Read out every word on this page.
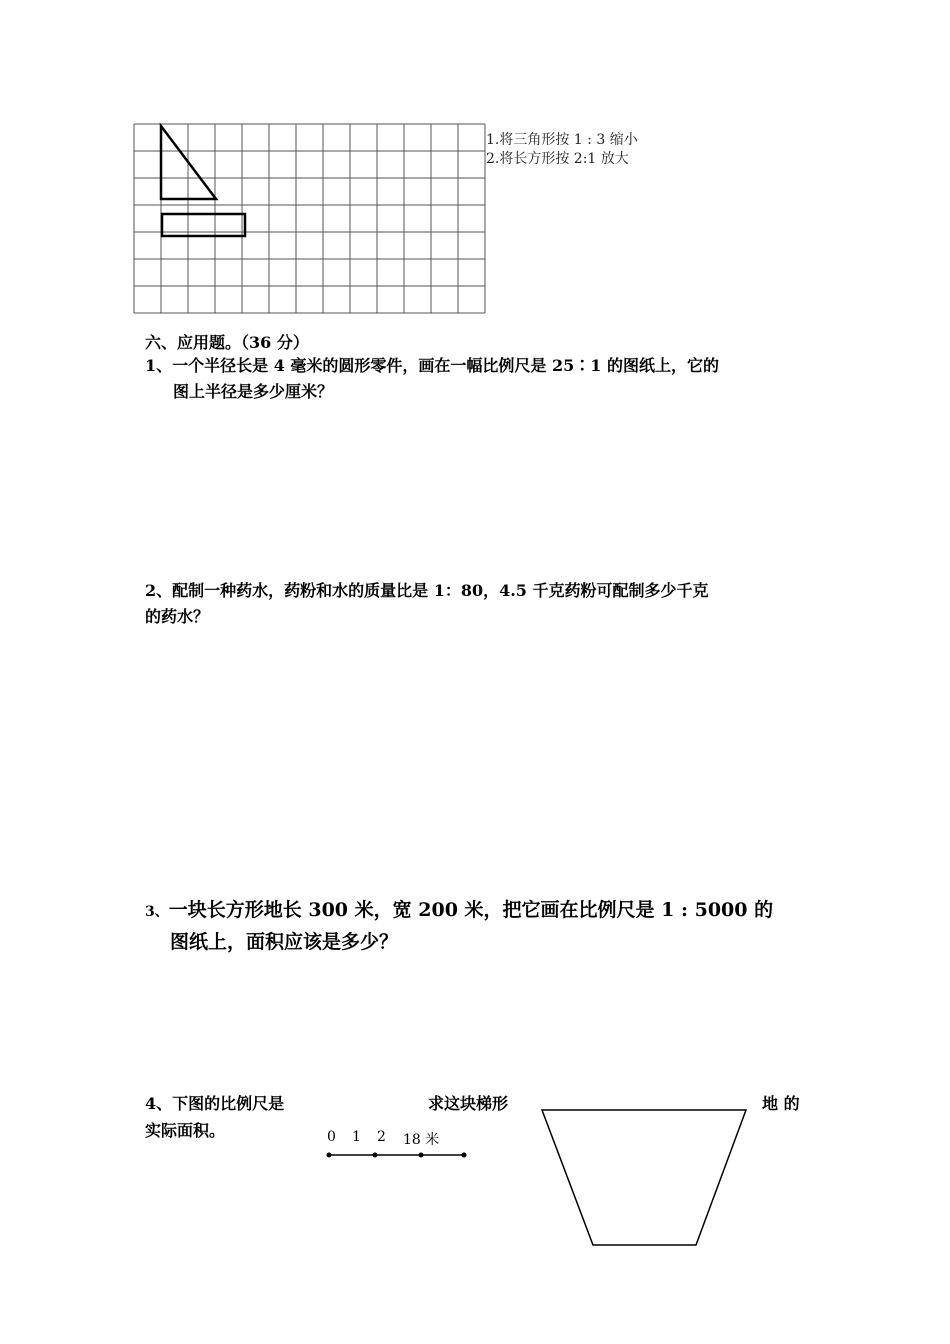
1.将三角形按 1 : 3 缩小
2.将长方形按 2:1 放大
六、应用题。（36 分）
1、一个半径长是 4 毫米的圆形零件，画在一幅比例尺是 25∶1 的图纸上，它的
图上半径是多少厘米？
2、配制一种药水，药粉和水的质量比是 1：80，4.5 千克药粉可配制多少千克
的药水？
3、一块长方形地长 300 米，宽 200 米，把它画在比例尺是 1 : 5000 的
图纸上，面积应该是多少？
4、下图的比例尺是	求这块梯形	地 的
实际面积。	0 1 2 18 米
